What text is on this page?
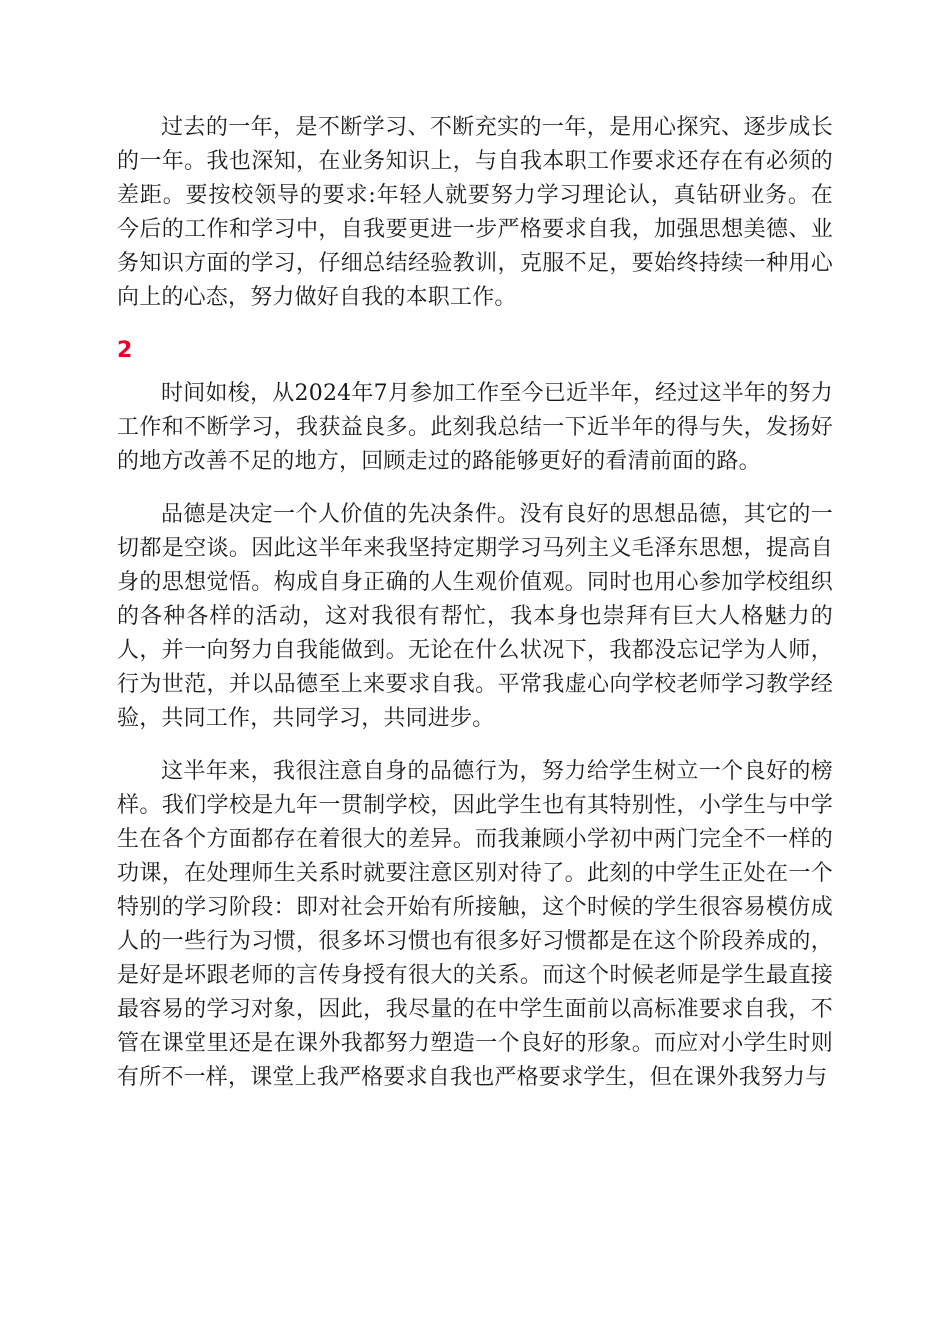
过去的一年，是不断学习、不断充实的一年，是用心探究、逐步成长的一年。我也深知，在业务知识上，与自我本职工作要求还存在有必须的差距。要按校领导的要求:年轻人就要努力学习理论认，真钻研业务。在今后的工作和学习中，自我要更进一步严格要求自我，加强思想美德、业务知识方面的学习，仔细总结经验教训，克服不足，要始终持续一种用心向上的心态，努力做好自我的本职工作。

2

时间如梭，从2024年7月参加工作至今已近半年，经过这半年的努力工作和不断学习，我获益良多。此刻我总结一下近半年的得与失，发扬好的地方改善不足的地方，回顾走过的路能够更好的看清前面的路。

品德是决定一个人价值的先决条件。没有良好的思想品德，其它的一切都是空谈。因此这半年来我坚持定期学习马列主义毛泽东思想，提高自身的思想觉悟。构成自身正确的人生观价值观。同时也用心参加学校组织的各种各样的活动，这对我很有帮忙，我本身也崇拜有巨大人格魅力的人，并一向努力自我能做到。无论在什么状况下，我都没忘记学为人师，行为世范，并以品德至上来要求自我。平常我虚心向学校老师学习教学经验，共同工作，共同学习，共同进步。

这半年来，我很注意自身的品德行为，努力给学生树立一个良好的榜样。我们学校是九年一贯制学校，因此学生也有其特别性，小学生与中学生在各个方面都存在着很大的差异。而我兼顾小学初中两门完全不一样的功课，在处理师生关系时就要注意区别对待了。此刻的中学生正处在一个特别的学习阶段：即对社会开始有所接触，这个时候的学生很容易模仿成人的一些行为习惯，很多坏习惯也有很多好习惯都是在这个阶段养成的，是好是坏跟老师的言传身授有很大的关系。而这个时候老师是学生最直接最容易的学习对象，因此，我尽量的在中学生面前以高标准要求自我，不管在课堂里还是在课外我都努力塑造一个良好的形象。而应对小学生时则有所不一样，课堂上我严格要求自我也严格要求学生，但在课外我努力与
